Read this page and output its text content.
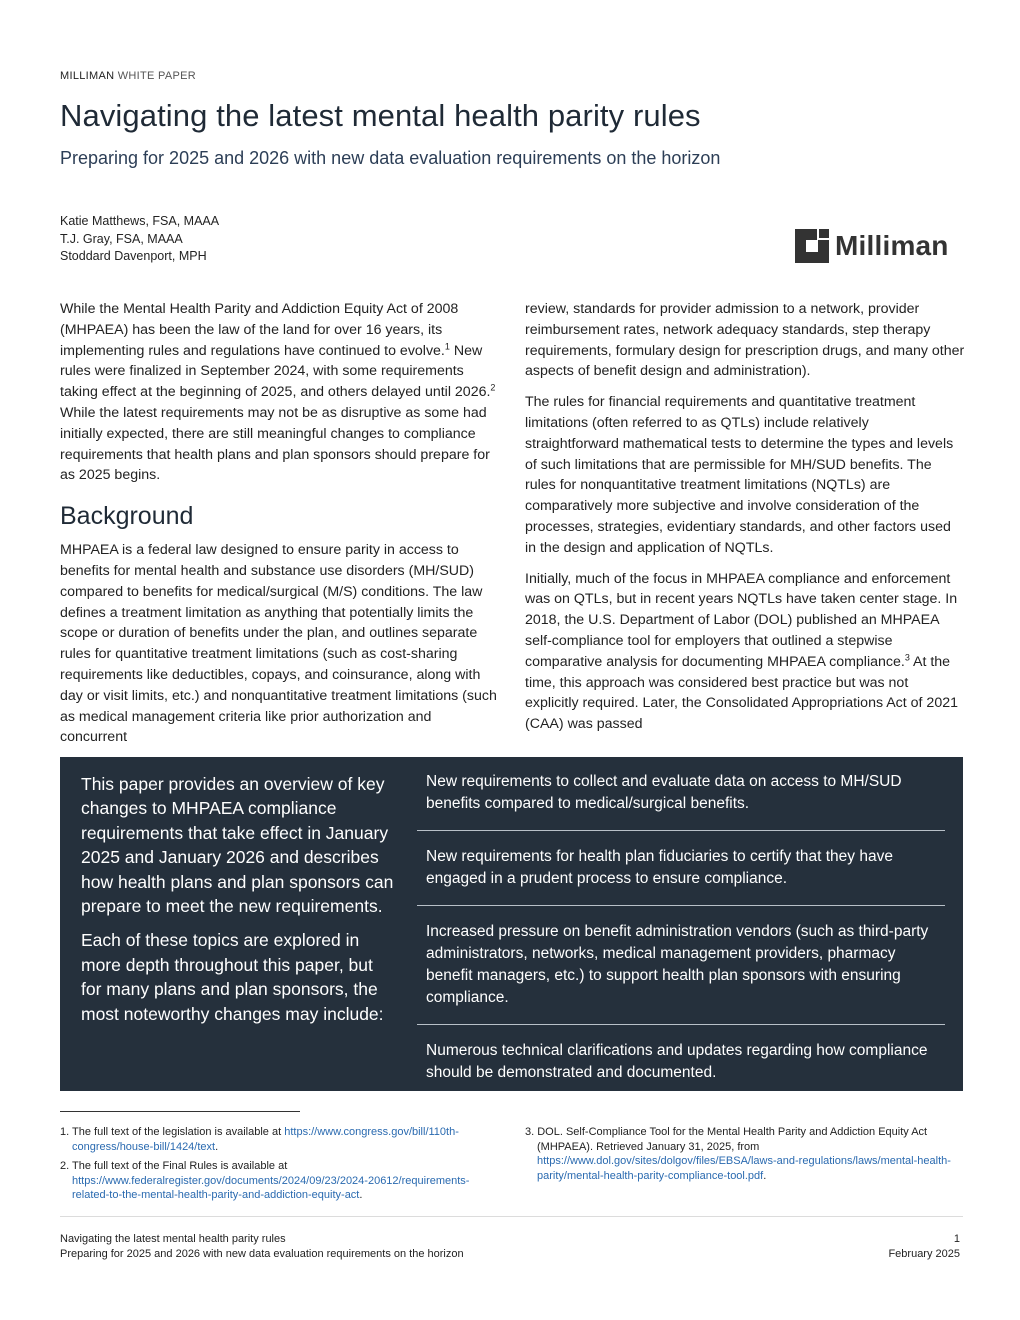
MILLIMAN WHITE PAPER
Navigating the latest mental health parity rules
Preparing for 2025 and 2026 with new data evaluation requirements on the horizon
Katie Matthews, FSA, MAAA
T.J. Gray, FSA, MAAA
Stoddard Davenport, MPH	Milliman

While the Mental Health Parity and Addiction Equity Act of 2008 (MHPAEA) has been the law of the land for over 16 years, its implementing rules and regulations have continued to evolve.$^1$ New rules were finalized in September 2024, with some requirements taking effect at the beginning of 2025, and others delayed until 2026.$^2$ While the latest requirements may not be as disruptive as some had initially expected, there are still meaningful changes to compliance requirements that health plans and plan sponsors should prepare for as 2025 begins.

Background

MHPAEA is a federal law designed to ensure parity in access to benefits for mental health and substance use disorders (MH/SUD) compared to benefits for medical/surgical (M/S) conditions. The law defines a treatment limitation as anything that potentially limits the scope or duration of benefits under the plan, and outlines separate rules for quantitative treatment limitations (such as cost-sharing requirements like deductibles, copays, and coinsurance, along with day or visit limits, etc.) and nonquantitative treatment limitations (such as medical management criteria like prior authorization and concurrent

review, standards for provider admission to a network, provider reimbursement rates, network adequacy standards, step therapy requirements, formulary design for prescription drugs, and many other aspects of benefit design and administration).

The rules for financial requirements and quantitative treatment limitations (often referred to as QTLs) include relatively straightforward mathematical tests to determine the types and levels of such limitations that are permissible for MH/SUD benefits. The rules for nonquantitative treatment limitations (NQTLs) are comparatively more subjective and involve consideration of the processes, strategies, evidentiary standards, and other factors used in the design and application of NQTLs.

Initially, much of the focus in MHPAEA compliance and enforcement was on QTLs, but in recent years NQTLs have taken center stage. In 2018, the U.S. Department of Labor (DOL) published an MHPAEA self-compliance tool for employers that outlined a stepwise comparative analysis for documenting MHPAEA compliance.$^3$ At the time, this approach was considered best practice but was not explicitly required. Later, the Consolidated Appropriations Act of 2021 (CAA) was passed

This paper provides an overview of key changes to MHPAEA compliance requirements that take effect in January 2025 and January 2026 and describes how health plans and plan sponsors can prepare to meet the new requirements.

Each of these topics are explored in more depth throughout this paper, but for many plans and plan sponsors, the most noteworthy changes may include:

New requirements to collect and evaluate data on access to MH/SUD benefits compared to medical/surgical benefits.
New requirements for health plan fiduciaries to certify that they have engaged in a prudent process to ensure compliance.
Increased pressure on benefit administration vendors (such as third-party administrators, networks, medical management providers, pharmacy benefit managers, etc.) to support health plan sponsors with ensuring compliance.
Numerous technical clarifications and updates regarding how compliance should be demonstrated and documented.
1. The full text of the legislation is available at https://www.congress.gov/bill/110th-congress/house-bill/1424/text.
2. The full text of the Final Rules is available at https://www.federalregister.gov/documents/2024/09/23/2024-20612/requirements-related-to-the-mental-health-parity-and-addiction-equity-act.
3. DOL. Self-Compliance Tool for the Mental Health Parity and Addiction Equity Act (MHPAEA). Retrieved January 31, 2025, from https://www.dol.gov/sites/dolgov/files/EBSA/laws-and-regulations/laws/mental-health-parity/mental-health-parity-compliance-tool.pdf.
Navigating the latest mental health parity rules
Preparing for 2025 and 2026 with new data evaluation requirements on the horizon
1
February 2025
